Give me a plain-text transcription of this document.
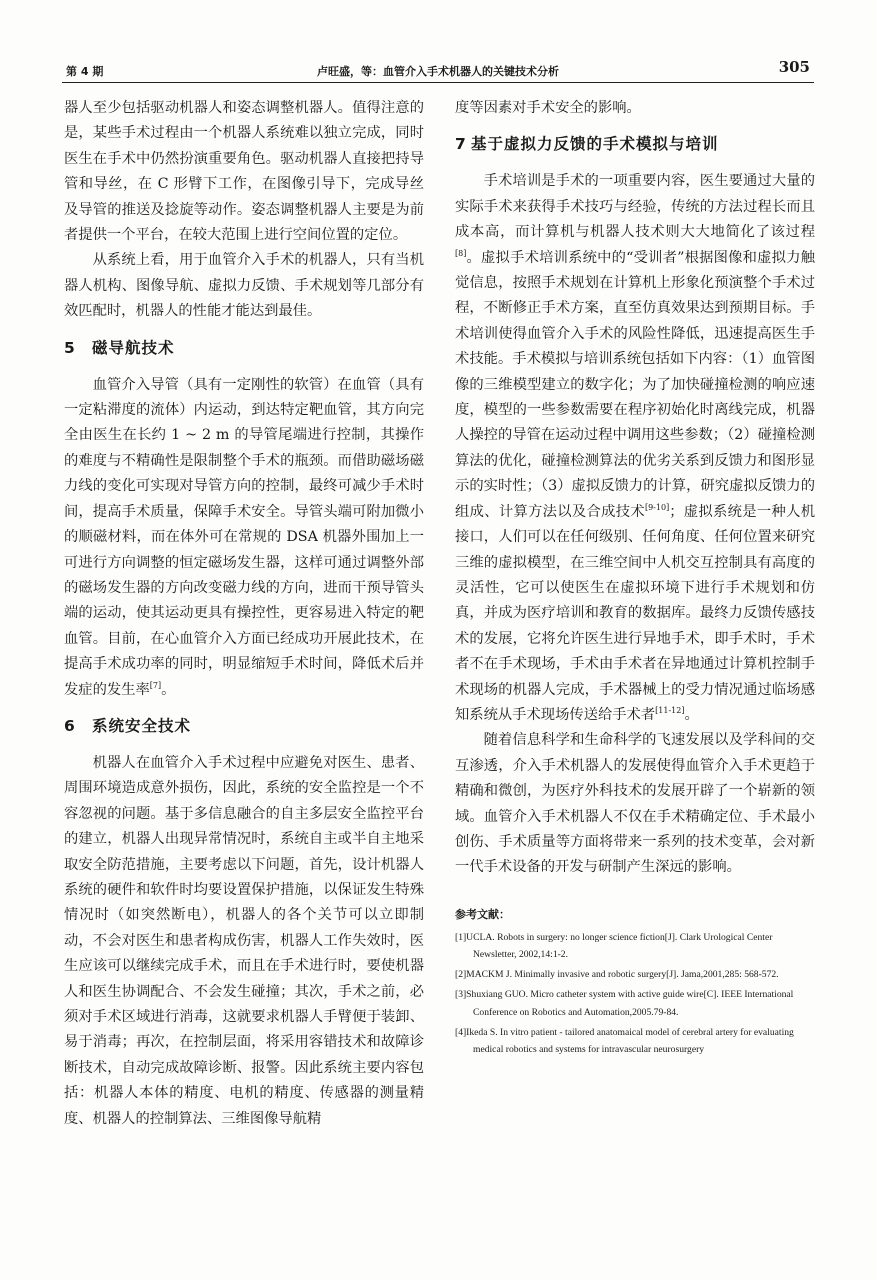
第 4 期	卢旺盛，等：血管介入手术机器人的关键技术分析	305

器人至少包括驱动机器人和姿态调整机器人。值得注意的是，某些手术过程由一个机器人系统难以独立完成，同时医生在手术中仍然扮演重要角色。驱动机器人直接把持导管和导丝，在 C 形臂下工作，在图像引导下，完成导丝及导管的推送及捻旋等动作。姿态调整机器人主要是为前者提供一个平台，在较大范围上进行空间位置的定位。

从系统上看，用于血管介入手术的机器人，只有当机器人机构、图像导航、虚拟力反馈、手术规划等几部分有效匹配时，机器人的性能才能达到最佳。

5 磁导航技术

血管介入导管（具有一定刚性的软管）在血管（具有一定粘滞度的流体）内运动，到达特定靶血管，其方向完全由医生在长约 1 ~ 2 m 的导管尾端进行控制，其操作的难度与不精确性是限制整个手术的瓶颈。而借助磁场磁力线的变化可实现对导管方向的控制，最终可减少手术时间，提高手术质量，保障手术安全。导管头端可附加微小的顺磁材料，而在体外可在常规的 DSA 机器外围加上一可进行方向调整的恒定磁场发生器，这样可通过调整外部的磁场发生器的方向改变磁力线的方向，进而干预导管头端的运动，使其运动更具有操控性，更容易进入特定的靶血管。目前，在心血管介入方面已经成功开展此技术，在提高手术成功率的同时，明显缩短手术时间，降低术后并发症的发生率[7]。

6 系统安全技术

机器人在血管介入手术过程中应避免对医生、患者、周围环境造成意外损伤，因此，系统的安全监控是一个不容忽视的问题。基于多信息融合的自主多层安全监控平台的建立，机器人出现异常情况时，系统自主或半自主地采取安全防范措施，主要考虑以下问题，首先，设计机器人系统的硬件和软件时均要设置保护措施，以保证发生特殊情况时（如突然断电），机器人的各个关节可以立即制动，不会对医生和患者构成伤害，机器人工作失效时，医生应该可以继续完成手术，而且在手术进行时，要使机器人和医生协调配合、不会发生碰撞；其次，手术之前，必须对手术区域进行消毒，这就要求机器人手臂便于装卸、易于消毒；再次，在控制层面，将采用容错技术和故障诊断技术，自动完成故障诊断、报警。因此系统主要内容包括：机器人本体的精度、电机的精度、传感器的测量精度、机器人的控制算法、三维图像导航精

度等因素对手术安全的影响。

7 基于虚拟力反馈的手术模拟与培训

手术培训是手术的一项重要内容，医生要通过大量的实际手术来获得手术技巧与经验，传统的方法过程长而且成本高，而计算机与机器人技术则大大地简化了该过程[8]。虚拟手术培训系统中的“受训者”根据图像和虚拟力触觉信息，按照手术规划在计算机上形象化预演整个手术过程，不断修正手术方案，直至仿真效果达到预期目标。手术培训使得血管介入手术的风险性降低，迅速提高医生手术技能。手术模拟与培训系统包括如下内容：（1）血管图像的三维模型建立的数字化；为了加快碰撞检测的响应速度，模型的一些参数需要在程序初始化时离线完成，机器人操控的导管在运动过程中调用这些参数；（2）碰撞检测算法的优化，碰撞检测算法的优劣关系到反馈力和图形显示的实时性；（3）虚拟反馈力的计算，研究虚拟反馈力的组成、计算方法以及合成技术[9-10]；虚拟系统是一种人机接口，人们可以在任何级别、任何角度、任何位置来研究三维的虚拟模型，在三维空间中人机交互控制具有高度的灵活性，它可以使医生在虚拟环境下进行手术规划和仿真，并成为医疗培训和教育的数据库。最终力反馈传感技术的发展，它将允许医生进行异地手术，即手术时，手术者不在手术现场，手术由手术者在异地通过计算机控制手术现场的机器人完成，手术器械上的受力情况通过临场感知系统从手术现场传送给手术者[11-12]。

随着信息科学和生命科学的飞速发展以及学科间的交互渗透，介入手术机器人的发展使得血管介入手术更趋于精确和微创，为医疗外科技术的发展开辟了一个崭新的领域。血管介入手术机器人不仅在手术精确定位、手术最小创伤、手术质量等方面将带来一系列的技术变革，会对新一代手术设备的开发与研制产生深远的影响。

参考文献：
[1]UCLA. Robots in surgery: no longer science fiction[J]. Clark Urological Center Newsletter, 2002,14:1-2.
[2]MACKM J. Minimally invasive and robotic surgery[J]. Jama,2001,285: 568-572.
[3]Shuxiang GUO. Micro catheter system with active guide wire[C]. IEEE International Conference on Robotics and Automation,2005.79-84.
[4]Ikeda S. In vitro patient - tailored anatomaical model of cerebral artery for evaluating medical robotics and systems for intravascular neurosurgery
